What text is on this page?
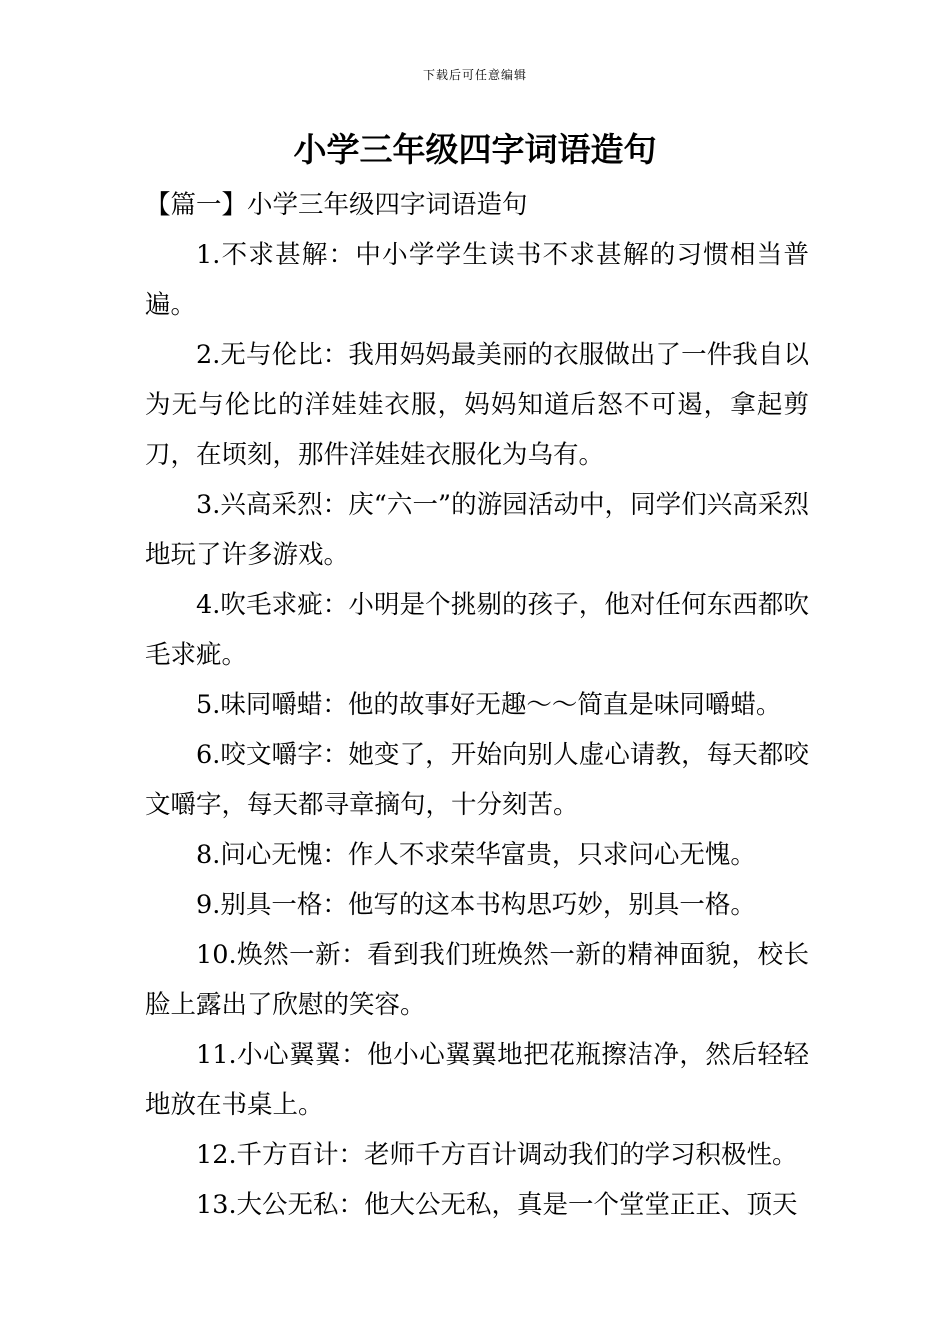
下载后可任意编辑
小学三年级四字词语造句

【篇一】小学三年级四字词语造句

1.不求甚解：中小学学生读书不求甚解的习惯相当普遍。

2.无与伦比：我用妈妈最美丽的衣服做出了一件我自以为无与伦比的洋娃娃衣服，妈妈知道后怒不可遏，拿起剪刀，在顷刻，那件洋娃娃衣服化为乌有。

3.兴高采烈：庆“六一”的游园活动中，同学们兴高采烈地玩了许多游戏。

4.吹毛求疵：小明是个挑剔的孩子，他对任何东西都吹毛求疵。

5.味同嚼蜡：他的故事好无趣～～简直是味同嚼蜡。

6.咬文嚼字：她变了，开始向别人虚心请教，每天都咬文嚼字，每天都寻章摘句，十分刻苦。

8.问心无愧：作人不求荣华富贵，只求问心无愧。

9.别具一格：他写的这本书构思巧妙，别具一格。

10.焕然一新：看到我们班焕然一新的精神面貌，校长脸上露出了欣慰的笑容。

11.小心翼翼：他小心翼翼地把花瓶擦洁净，然后轻轻地放在书桌上。

12.千方百计：老师千方百计调动我们的学习积极性。

13.大公无私：他大公无私，真是一个堂堂正正、顶天
